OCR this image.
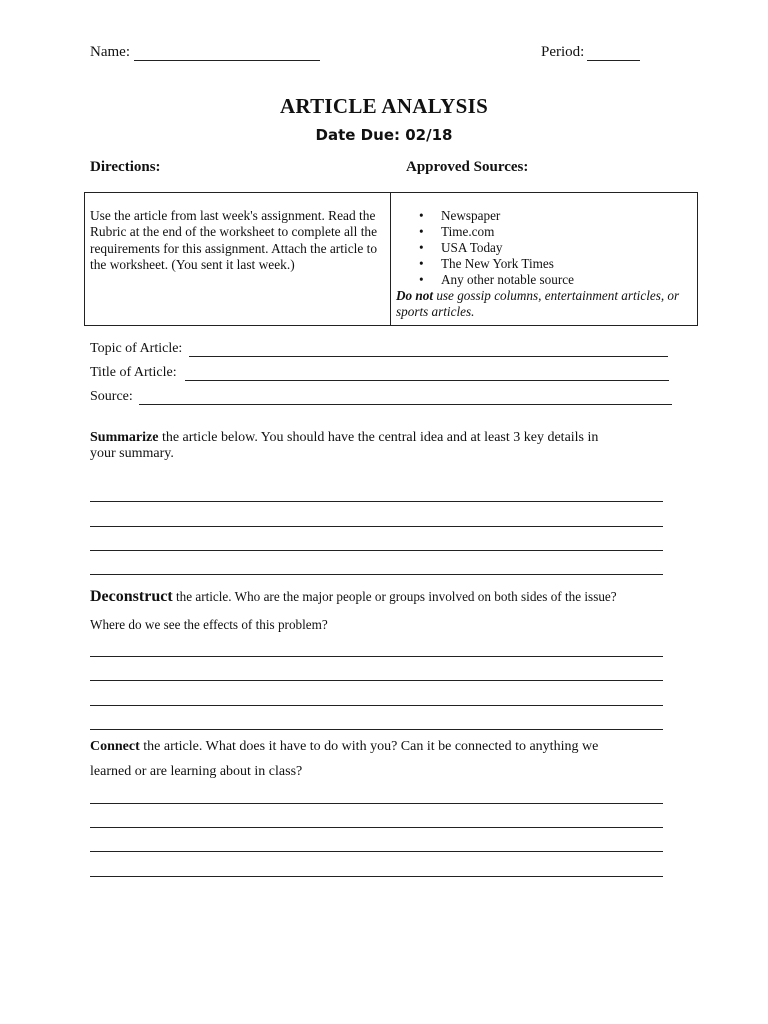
Name:	Period:
ARTICLE ANALYSIS
Date Due: 02/18
Directions:	Approved Sources:
Use the article from last week's assignment. Read the Rubric at the end of the worksheet to complete all the requirements for this assignment. Attach the article to the worksheet. (You sent it last week.)
• Newspaper
• Time.com
• USA Today
• The New York Times
• Any other notable source
Do not use gossip columns, entertainment articles, or sports articles.
Topic of Article:
Title of Article:
Source:
Summarize the article below. You should have the central idea and at least 3 key details in
your summary.
Deconstruct the article. Who are the major people or groups involved on both sides of the issue?
Where do we see the effects of this problem?
Connect the article. What does it have to do with you? Can it be connected to anything we
learned or are learning about in class?
